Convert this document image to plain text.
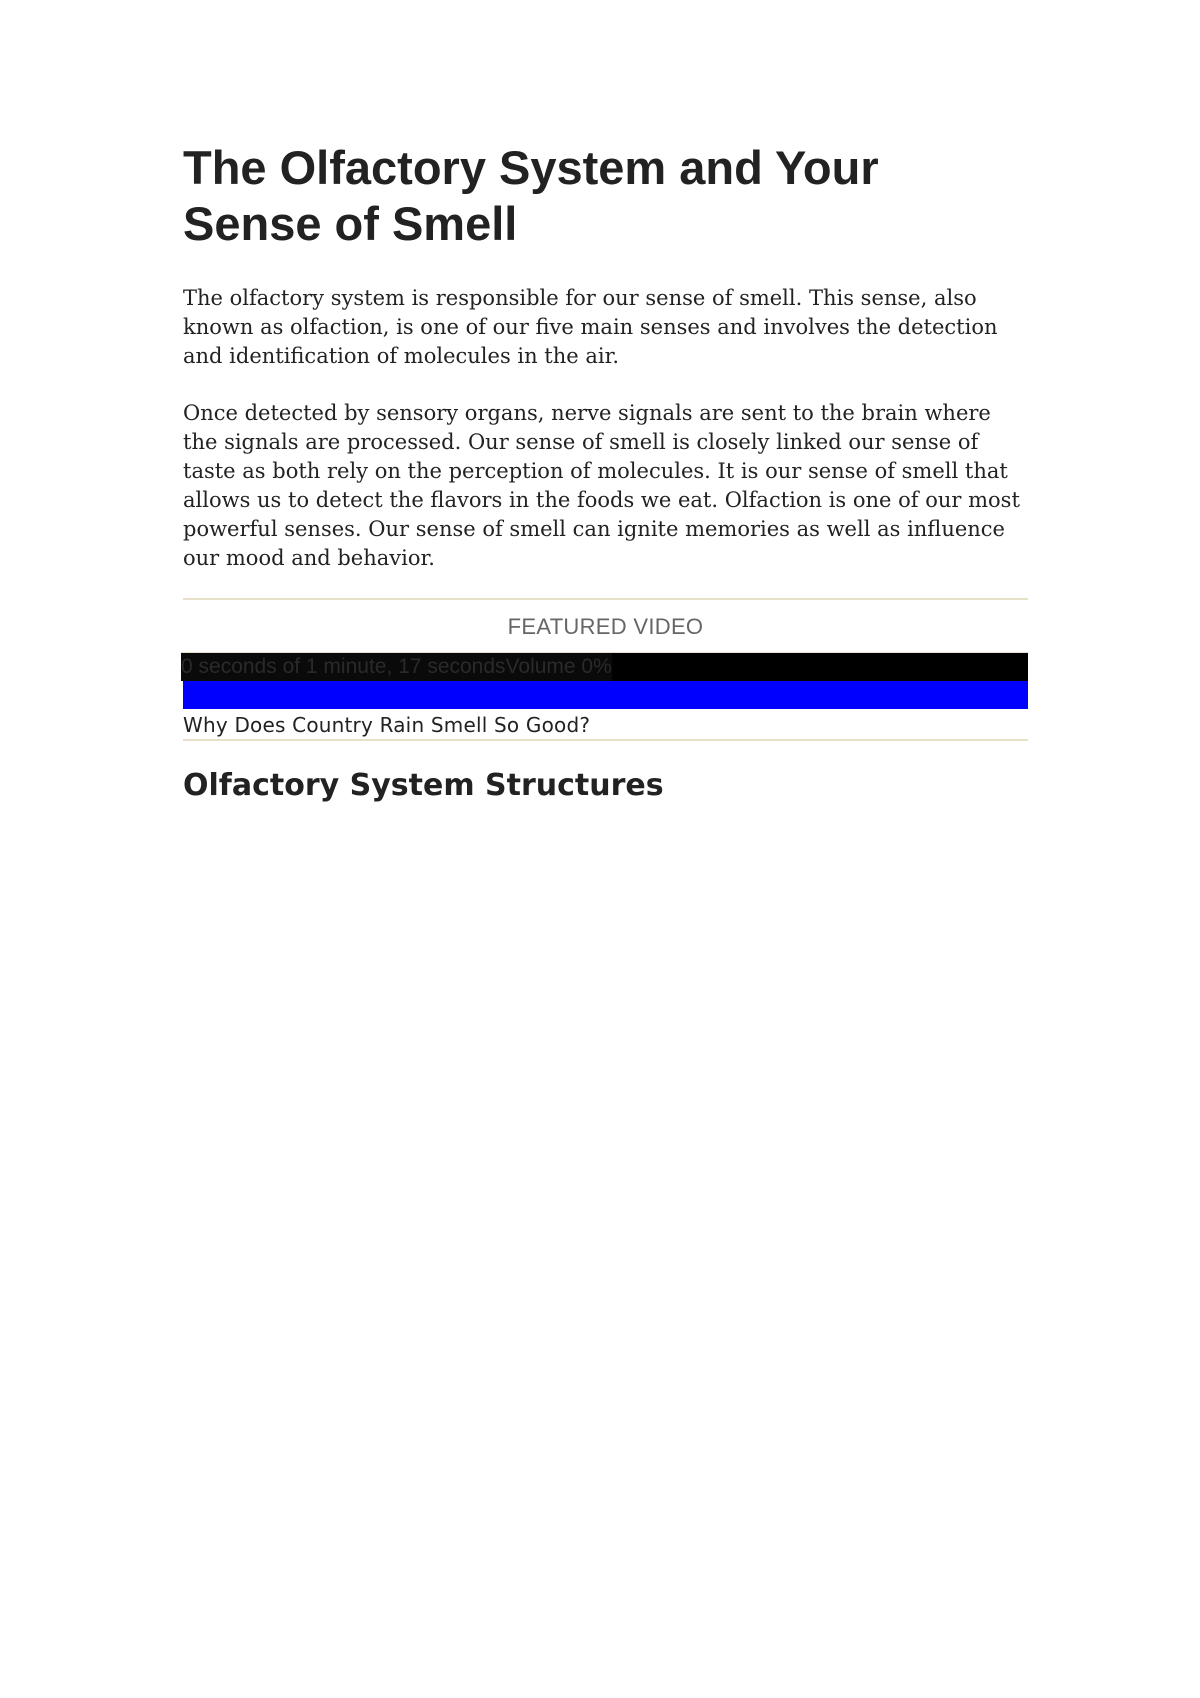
The Olfactory System and Your Sense of Smell

The olfactory system is responsible for our sense of smell. This sense, also known as olfaction, is one of our five main senses and involves the detection and identification of molecules in the air.

Once detected by sensory organs, nerve signals are sent to the brain where the signals are processed. Our sense of smell is closely linked our sense of taste as both rely on the perception of molecules. It is our sense of smell that allows us to detect the flavors in the foods we eat. Olfaction is one of our most powerful senses. Our sense of smell can ignite memories as well as influence our mood and behavior.

FEATURED VIDEO
0 seconds of 1 minute, 17 secondsVolume 0%
Why Does Country Rain Smell So Good?
Olfactory System Structures
